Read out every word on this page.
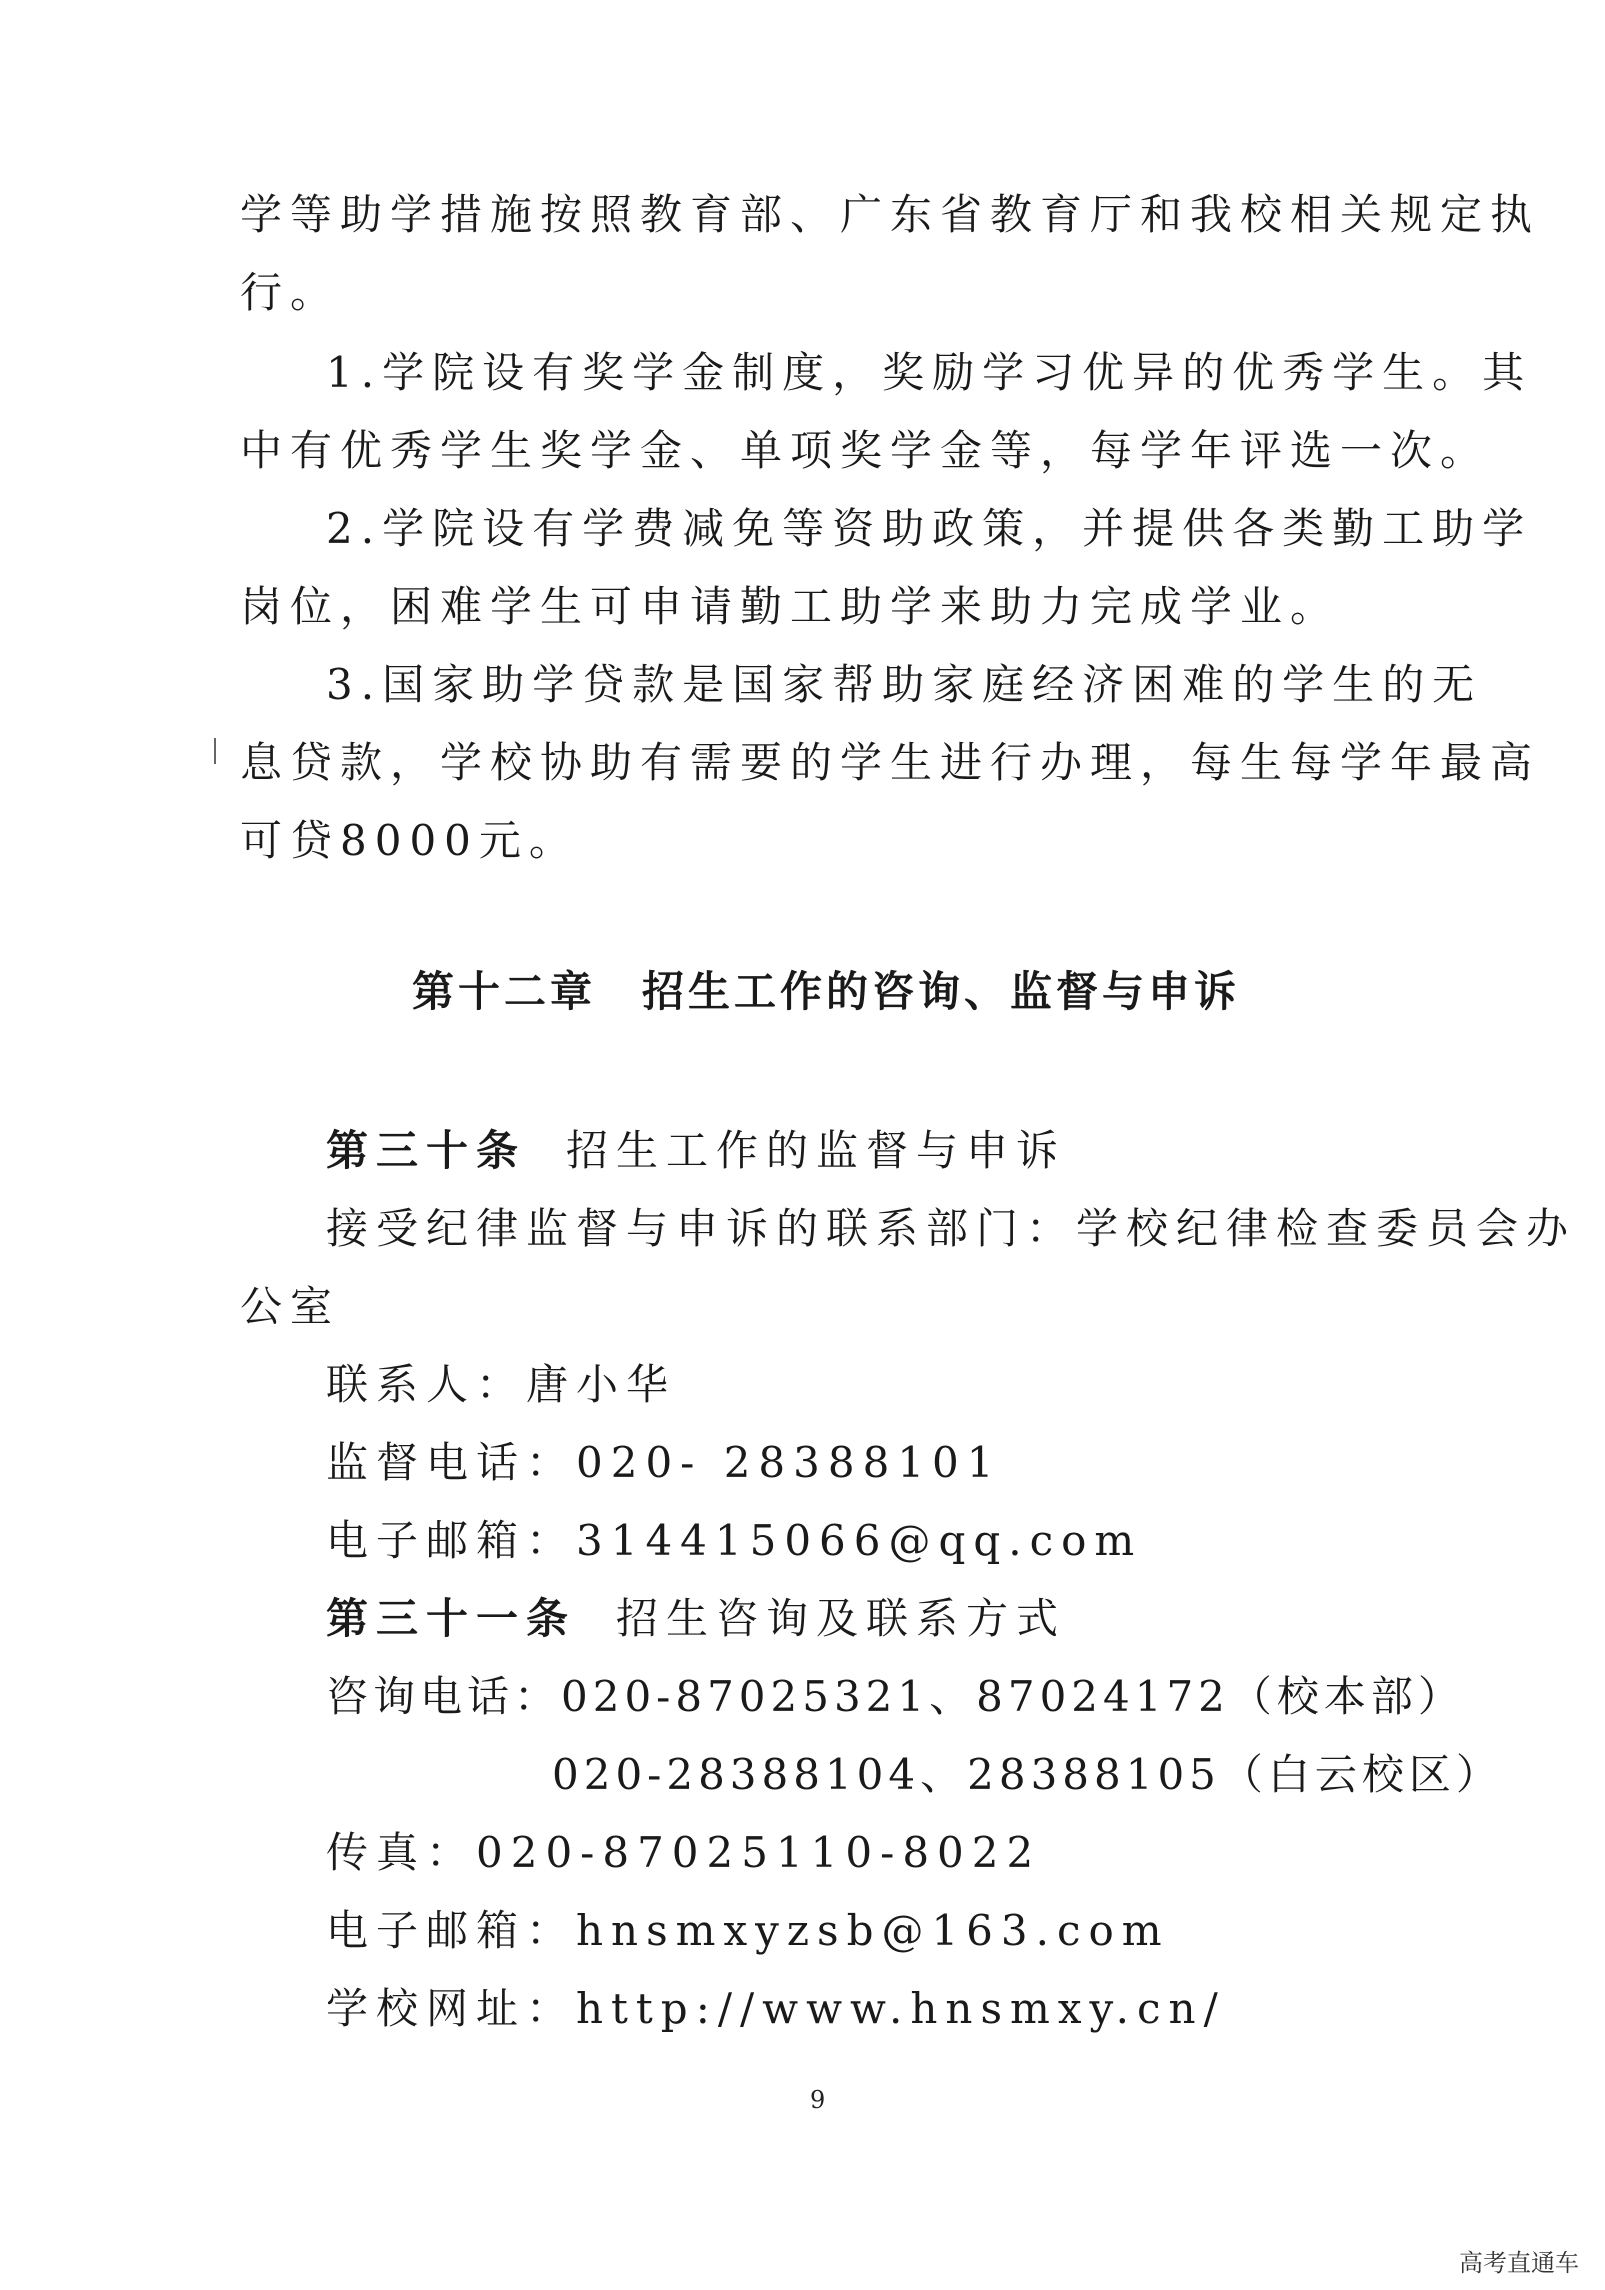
学等助学措施按照教育部、广东省教育厅和我校相关规定执
行。
1.学院设有奖学金制度，奖励学习优异的优秀学生。其
中有优秀学生奖学金、单项奖学金等，每学年评选一次。
2.学院设有学费减免等资助政策，并提供各类勤工助学
岗位，困难学生可申请勤工助学来助力完成学业。
3.国家助学贷款是国家帮助家庭经济困难的学生的无
息贷款，学校协助有需要的学生进行办理，每生每学年最高
可贷8000元。
第十二章　招生工作的咨询、监督与申诉
第三十条 招生工作的监督与申诉
接受纪律监督与申诉的联系部门：学校纪律检查委员会办
公室
联系人：唐小华
监督电话：020- 28388101
电子邮箱：314415066@qq.com
第三十一条 招生咨询及联系方式
咨询电话：020-87025321、87024172（校本部）
020-28388104、28388105（白云校区）
传真：020-87025110-8022
电子邮箱：hnsmxyzsb@163.com
学校网址：http://www.hnsmxy.cn/
9
高考直通车
